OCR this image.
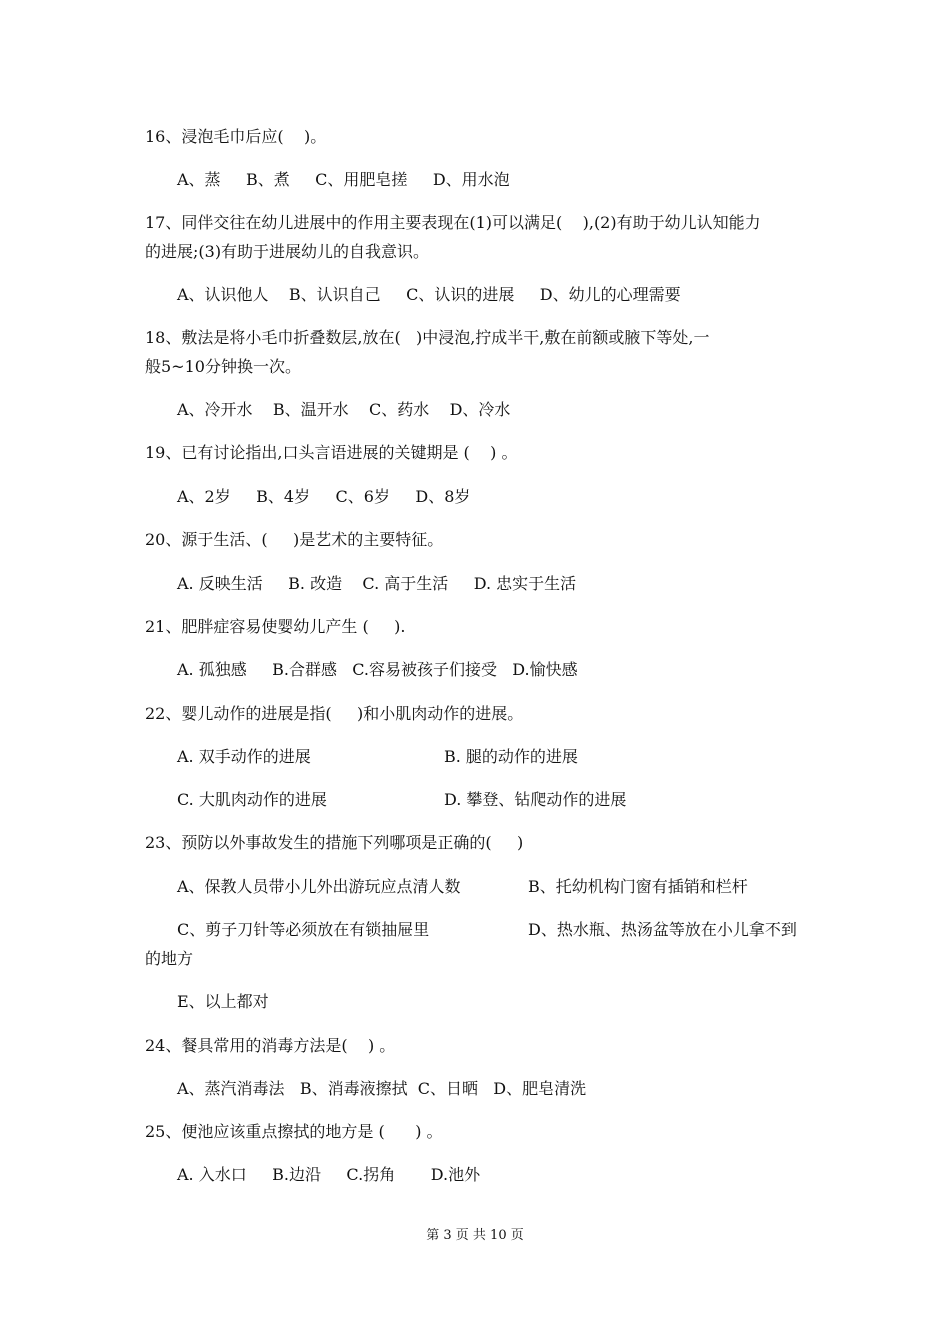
16、浸泡毛巾后应(    )。
A、蒸     B、煮     C、用肥皂搓     D、用水泡
17、同伴交往在幼儿进展中的作用主要表现在(1)可以满足(    ),(2)有助于幼儿认知能力
的进展;(3)有助于进展幼儿的自我意识。
A、认识他人    B、认识自己     C、认识的进展     D、幼儿的心理需要
18、敷法是将小毛巾折叠数层,放在(   )中浸泡,拧成半干,敷在前额或腋下等处,一
般5~10分钟换一次。
A、冷开水    B、温开水    C、药水    D、冷水
19、已有讨论指出,口头言语进展的关键期是 (    ) 。
A、2岁     B、4岁     C、6岁     D、8岁
20、源于生活、(     )是艺术的主要特征。
A. 反映生活     B. 改造    C. 高于生活     D. 忠实于生活
21、肥胖症容易使婴幼儿产生 (     ).
A. 孤独感     B.合群感   C.容易被孩子们接受   D.愉快感
22、婴儿动作的进展是指(     )和小肌肉动作的进展。
A. 双手动作的进展	B. 腿的动作的进展
C. 大肌肉动作的进展	D. 攀登、钻爬动作的进展
23、预防以外事故发生的措施下列哪项是正确的(     )
A、保教人员带小儿外出游玩应点清人数	B、托幼机构门窗有插销和栏杆
C、剪子刀针等必须放在有锁抽屉里	D、热水瓶、热汤盆等放在小儿拿不到
的地方
E、以上都对
24、餐具常用的消毒方法是(    ) 。
A、蒸汽消毒法   B、消毒液擦拭  C、日晒   D、肥皂清洗
25、便池应该重点擦拭的地方是 (      ) 。
A. 入水口     B.边沿     C.拐角       D.池外
第 3 页 共 10 页
